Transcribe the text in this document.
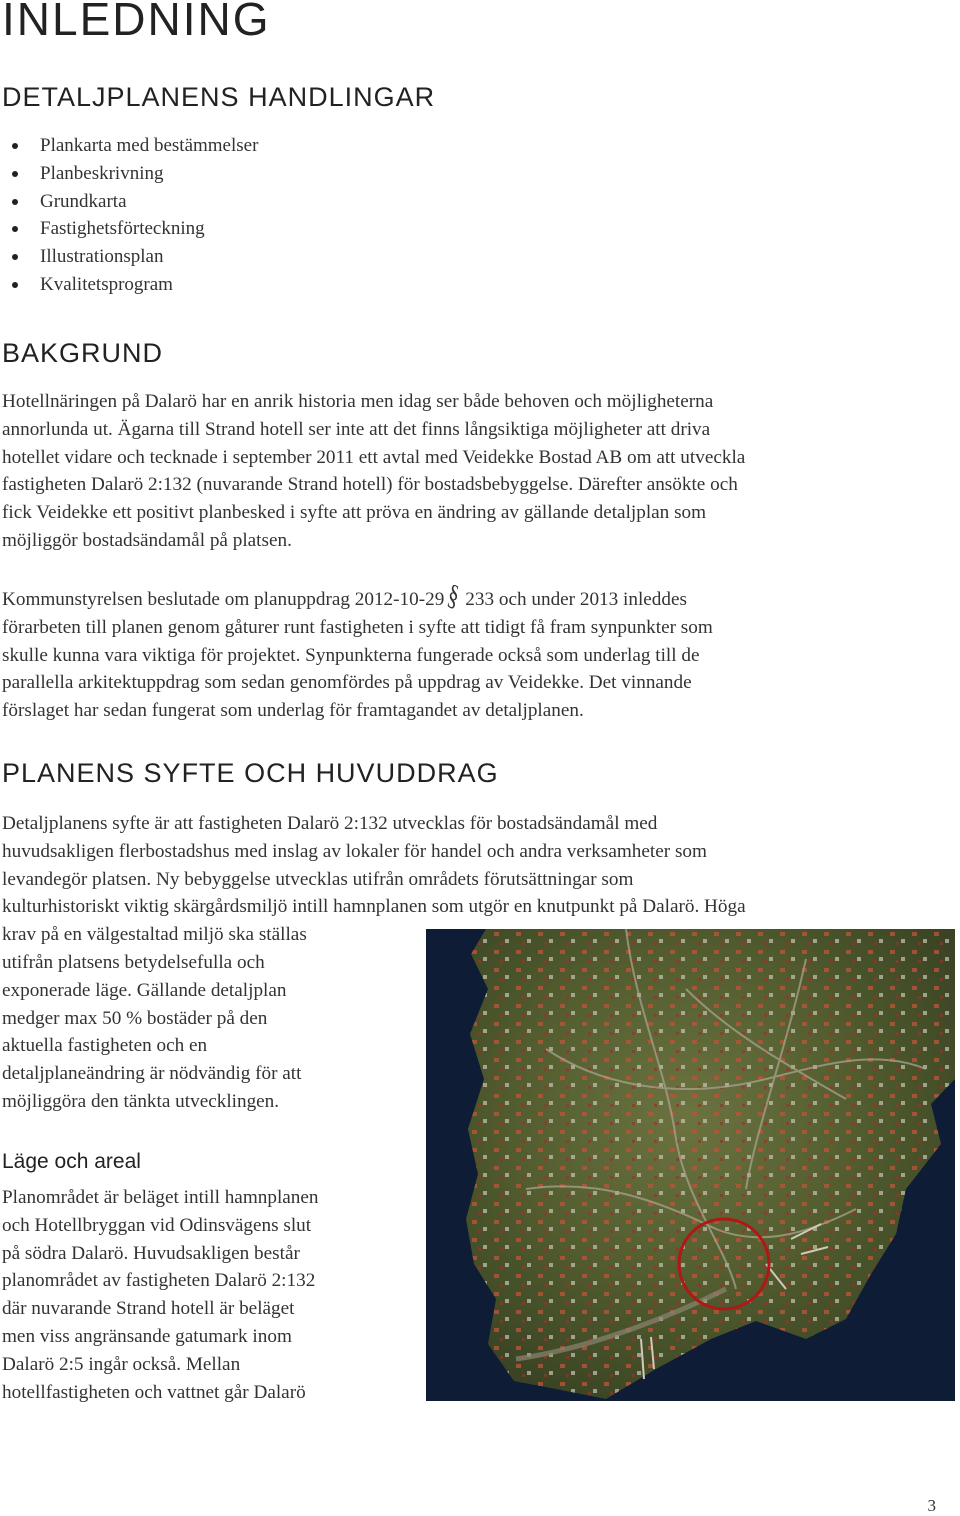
INLEDNING
DETALJPLANENS HANDLINGAR
Plankarta med bestämmelser
Planbeskrivning
Grundkarta
Fastighetsförteckning
Illustrationsplan
Kvalitetsprogram
BAKGRUND
Hotellnäringen på Dalarö har en anrik historia men idag ser både behoven och möjligheterna
annorlunda ut. Ägarna till Strand hotell ser inte att det finns långsiktiga möjligheter att driva
hotellet vidare och tecknade i september 2011 ett avtal med Veidekke Bostad AB om att utveckla
fastigheten Dalarö 2:132 (nuvarande Strand hotell) för bostadsbebyggelse. Därefter ansökte och
fick Veidekke ett positivt planbesked i syfte att pröva en ändring av gällande detaljplan som
möjliggör bostadsändamål på platsen.
Kommunstyrelsen beslutade om planuppdrag 2012-10-29§ 233 och under 2013 inleddes
förarbeten till planen genom gåturer runt fastigheten i syfte att tidigt få fram synpunkter som
skulle kunna vara viktiga för projektet. Synpunkterna fungerade också som underlag till de
parallella arkitektuppdrag som sedan genomfördes på uppdrag av Veidekke. Det vinnande
förslaget har sedan fungerat som underlag för framtagandet av detaljplanen.
PLANENS SYFTE OCH HUVUDDRAG
Detaljplanens syfte är att fastigheten Dalarö 2:132 utvecklas för bostadsändamål med
huvudsakligen flerbostadshus med inslag av lokaler för handel och andra verksamheter som
levandegör platsen. Ny bebyggelse utvecklas utifrån områdets förutsättningar som
kulturhistoriskt viktig skärgårdsmiljö intill hamnplanen som utgör en knutpunkt på Dalarö. Höga
krav på en välgestaltad miljö ska ställas
utifrån platsens betydelsefulla och
exponerade läge. Gällande detaljplan
medger max 50 % bostäder på den
aktuella fastigheten och en
detaljplaneändring är nödvändig för att
möjliggöra den tänkta utvecklingen.
Läge och areal
Planområdet är beläget intill hamnplanen
och Hotellbryggan vid Odinsvägens slut
på södra Dalarö. Huvudsakligen består
planområdet av fastigheten Dalarö 2:132
där nuvarande Strand hotell är beläget
men viss angränsande gatumark inom
Dalarö 2:5 ingår också. Mellan
hotellfastigheten och vattnet går Dalarö
3
